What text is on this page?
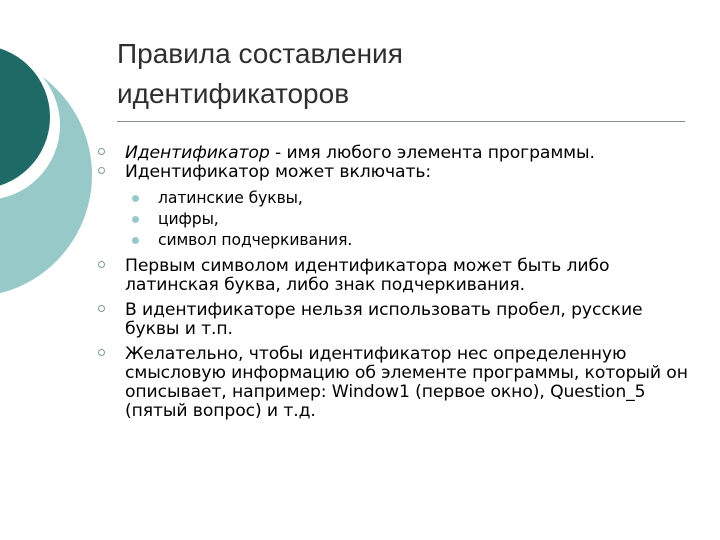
Правила составления идентификаторов
Идентификатор - имя любого элемента программы.
Идентификатор может включать:
латинские буквы,
цифры,
символ подчеркивания.
Первым символом идентификатора может быть либо латинская буква, либо знак подчеркивания.
В идентификаторе нельзя использовать пробел, русские буквы и т.п.
Желательно, чтобы идентификатор нес определенную смысловую информацию об элементе программы, который он описывает, например: Window1 (первое окно), Question_5 (пятый вопрос) и т.д.
